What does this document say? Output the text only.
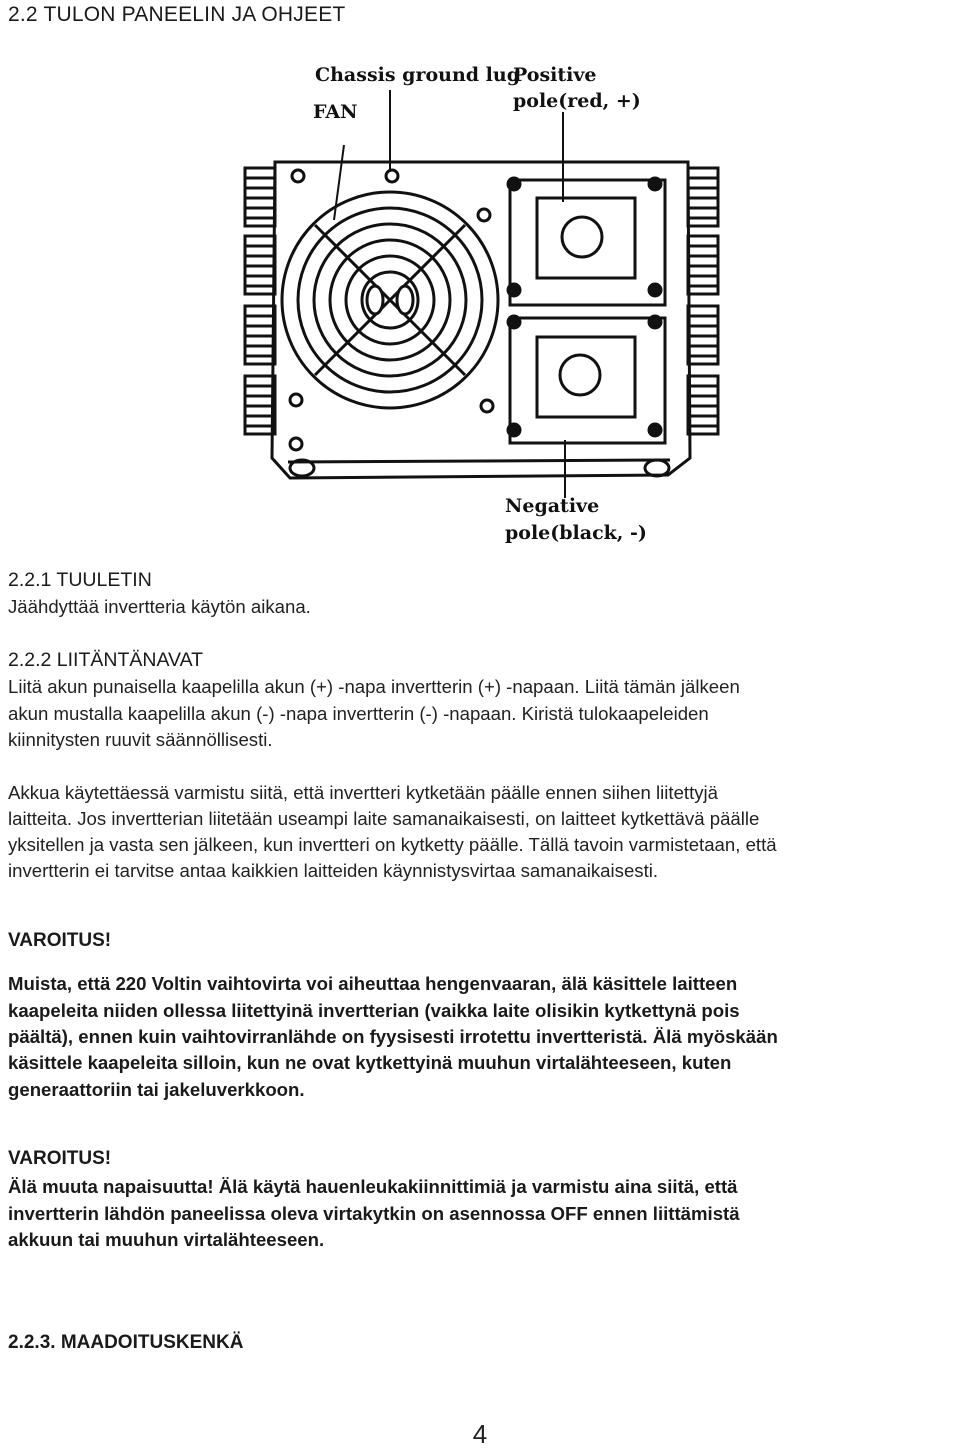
2.2 TULON PANEELIN JA OHJEET
Chassis ground lug
FAN
Positive
pole(red, +)
Negative
pole(black, -)
2.2.1 TUULETIN
Jäähdyttää invertteria käytön aikana.
2.2.2 LIITÄNTÄNAVAT
Liitä akun punaisella kaapelilla akun (+) -napa invertterin (+) -napaan. Liitä tämän jälkeen
akun mustalla kaapelilla akun (-) -napa invertterin (-) -napaan. Kiristä tulokaapeleiden
kiinnitysten ruuvit säännöllisesti.
Akkua käytettäessä varmistu siitä, että invertteri kytketään päälle ennen siihen liitettyjä
laitteita. Jos invertterian liitetään useampi laite samanaikaisesti, on laitteet kytkettävä päälle
yksitellen ja vasta sen jälkeen, kun invertteri on kytketty päälle. Tällä tavoin varmistetaan, että
invertterin ei tarvitse antaa kaikkien laitteiden käynnistysvirtaa samanaikaisesti.
VAROITUS!
Muista, että 220 Voltin vaihtovirta voi aiheuttaa hengenvaaran, älä käsittele laitteen
kaapeleita niiden ollessa liitettyinä invertterian (vaikka laite olisikin kytkettynä pois
päältä), ennen kuin vaihtovirranlähde on fyysisesti irrotettu invertteristä. Älä myöskään
käsittele kaapeleita silloin, kun ne ovat kytkettyinä muuhun virtalähteeseen, kuten
generaattoriin tai jakeluverkkoon.
VAROITUS!
Älä muuta napaisuutta! Älä käytä hauenleukakiinnittimiä ja varmistu aina siitä, että
invertterin lähdön paneelissa oleva virtakytkin on asennossa OFF ennen liittämistä
akkuun tai muuhun virtalähteeseen.
2.2.3. MAADOITUSKENKÄ
4
